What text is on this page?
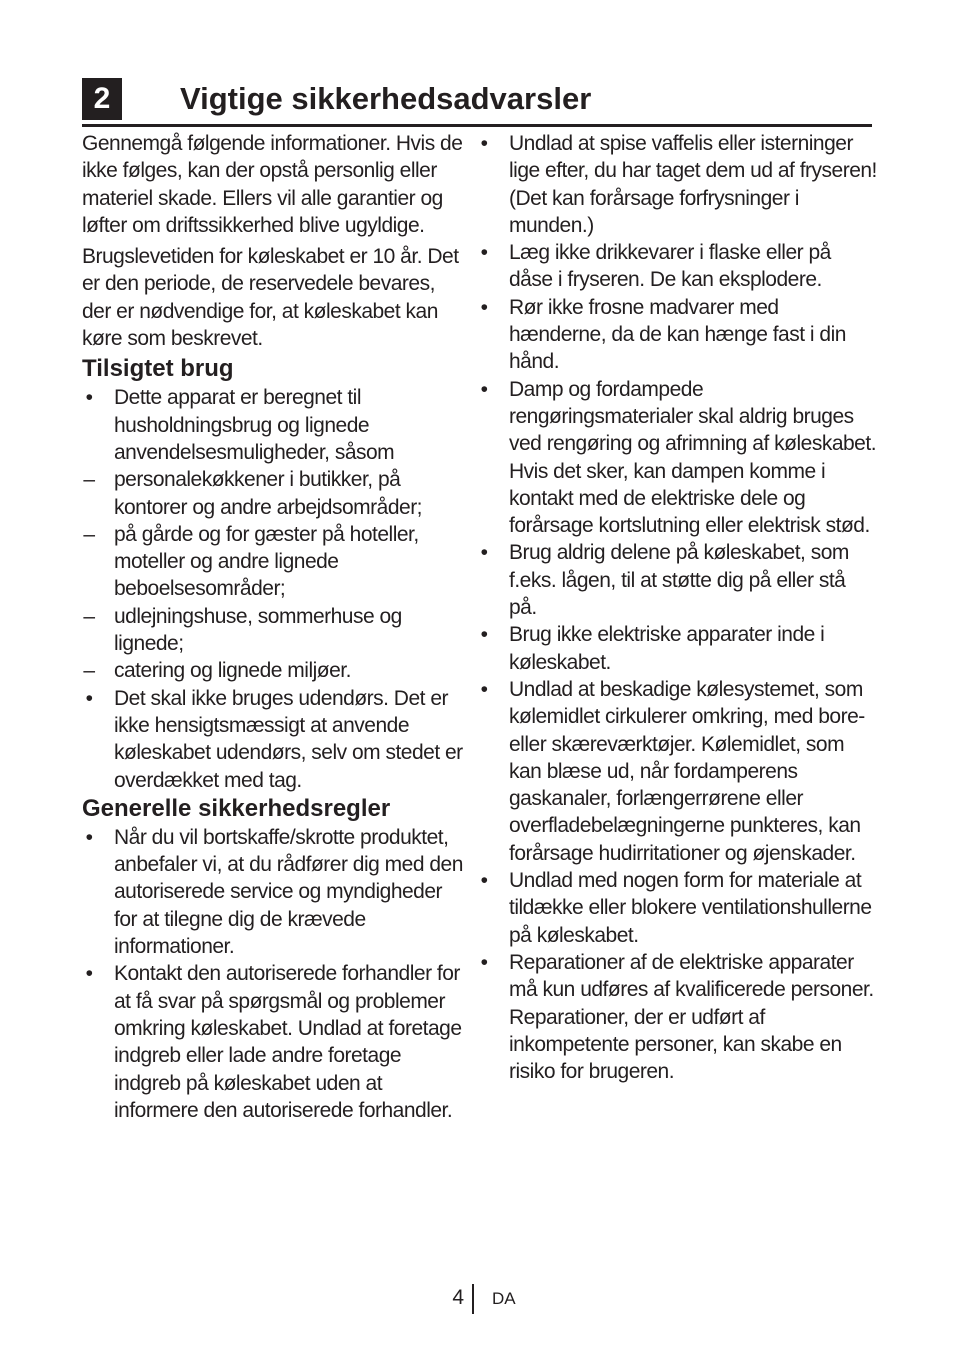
2	Vigtige sikkerhedsadvarsler

Gennemgå følgende informationer. Hvis de ikke følges, kan der opstå personlig eller materiel skade. Ellers vil alle garantier og løfter om driftssikkerhed blive ugyldige.

Brugslevetiden for køleskabet er 10 år. Det er den periode, de reservedele bevares, der er nødvendige for, at køleskabet kan køre som beskrevet.

Tilsigtet brug
• Dette apparat er beregnet til husholdningsbrug og lignede anvendelsesmuligheder, såsom
– personalekøkkener i butikker, på kontorer og andre arbejdsområder;
– på gårde og for gæster på hoteller, moteller og andre lignede beboelsesområder;
– udlejningshuse, sommerhuse og lignede;
– catering og lignede miljøer.
• Det skal ikke bruges udendørs. Det er ikke hensigtsmæssigt at anvende køleskabet udendørs, selv om stedet er overdækket med tag.
Generelle sikkerhedsregler
• Når du vil bortskaffe/skrotte produktet, anbefaler vi, at du rådfører dig med den autoriserede service og myndigheder for at tilegne dig de krævede informationer.
• Kontakt den autoriserede forhandler for at få svar på spørgsmål og problemer omkring køleskabet. Undlad at foretage indgreb eller lade andre foretage indgreb på køleskabet uden at informere den autoriserede forhandler.
• Undlad at spise vaffelis eller isterninger lige efter, du har taget dem ud af fryseren! (Det kan forårsage forfrysninger i munden.)
• Læg ikke drikkevarer i flaske eller på dåse i fryseren. De kan eksplodere.
• Rør ikke frosne madvarer med hænderne, da de kan hænge fast i din hånd.
• Damp og fordampede rengøringsmaterialer skal aldrig bruges ved rengøring og afrimning af køleskabet. Hvis det sker, kan dampen komme i kontakt med de elektriske dele og forårsage kortslutning eller elektrisk stød.
• Brug aldrig delene på køleskabet, som f.eks. lågen, til at støtte dig på eller stå på.
• Brug ikke elektriske apparater inde i køleskabet.
• Undlad at beskadige kølesystemet, som kølemidlet cirkulerer omkring, med bore- eller skæreværktøjer. Kølemidlet, som kan blæse ud, når fordamperens gaskanaler, forlængerrørene eller overfladebelægningerne punkteres, kan forårsage hudirritationer og øjenskader.
• Undlad med nogen form for materiale at tildække eller blokere ventilationshullerne på køleskabet.
• Reparationer af de elektriske apparater må kun udføres af kvalificerede personer. Reparationer, der er udført af inkompetente personer, kan skabe en risiko for brugeren.
4 DA
